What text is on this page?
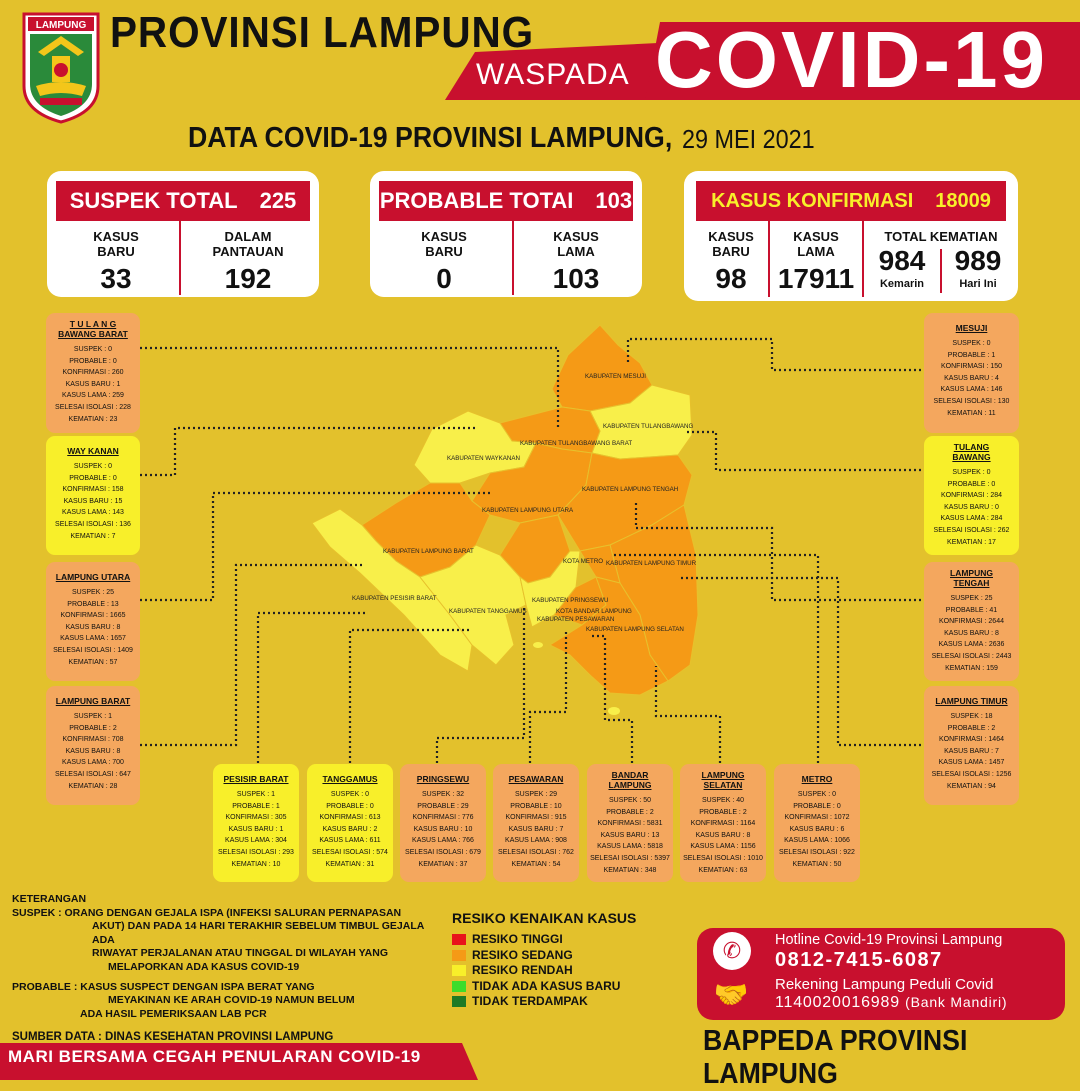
LAMPUNG PROVINSI LAMPUNG
WASPADA COVID-19
DATA COVID-19 PROVINSI LAMPUNG, 29 MEI 2021
SUSPEK TOTAL 225
KASUS
BARU
33
DALAM
PANTAUAN
192
PROBABLE TOTAI 103
KASUS
BARU
0
KASUS
LAMA
103
KASUS KONFIRMASI 18009
KASUS
BARU
98
KASUS
LAMA
17911
TOTAL KEMATIAN
984
Kemarin
989
Hari Ini
KABUPATEN MESUJI
KABUPATEN TULANGBAWANG
KABUPATEN TULANGBAWANG BARAT
KABUPATEN WAYKANAN
KABUPATEN LAMPUNG TENGAH
KABUPATEN LAMPUNG UTARA
KABUPATEN LAMPUNG BARAT
KOTA METRO KABUPATEN LAMPUNG TIMUR
KABUPATEN PESISIR BARAT	KABUPATEN PRINGSEWU
KABUPATEN TANGGAMUS	KOTA BANDAR LAMPUNG
KABUPATEN PESAWARAN
KABUPATEN LAMPUNG SELATAN
T U L A N G
BAWANG BARAT
SUSPEK : 0
PROBABLE : 0
KONFIRMASI : 260
KASUS BARU : 1
KASUS LAMA : 259
SELESAI ISOLASI : 228
KEMATIAN : 23
WAY KANAN
SUSPEK : 0
PROBABLE : 0
KONFIRMASI : 158
KASUS BARU : 15
KASUS LAMA : 143
SELESAI ISOLASI : 136
KEMATIAN : 7
LAMPUNG UTARA
SUSPEK : 25
PROBABLE : 13
KONFIRMASI : 1665
KASUS BARU : 8
KASUS LAMA : 1657
SELESAI ISOLASI : 1409
KEMATIAN : 57
LAMPUNG BARAT
SUSPEK : 1
PROBABLE : 2
KONFIRMASI : 708
KASUS BARU : 8
KASUS LAMA : 700
SELESAI ISOLASI : 647
KEMATIAN : 28
MESUJI
SUSPEK : 0
PROBABLE : 1
KONFIRMASI : 150
KASUS BARU : 4
KASUS LAMA : 146
SELESAI ISOLASI : 130
KEMATIAN : 11
TULANG
BAWANG
SUSPEK : 0
PROBABLE : 0
KONFIRMASI : 284
KASUS BARU : 0
KASUS LAMA : 284
SELESAI ISOLASI : 262
KEMATIAN : 17
LAMPUNG
TENGAH
SUSPEK : 25
PROBABLE : 41
KONFIRMASI : 2644
KASUS BARU : 8
KASUS LAMA : 2636
SELESAI ISOLASI : 2443
KEMATIAN : 159
LAMPUNG TIMUR
SUSPEK : 18
PROBABLE : 2
KONFIRMASI : 1464
KASUS BARU : 7
KASUS LAMA : 1457
SELESAI ISOLASI : 1256
KEMATIAN : 94
PESISIR BARAT
SUSPEK : 1
PROBABLE : 1
KONFIRMASI : 305
KASUS BARU : 1
KASUS LAMA : 304
SELESAI ISOLASI : 293
KEMATIAN : 10
TANGGAMUS
SUSPEK : 0
PROBABLE : 0
KONFIRMASI : 613
KASUS BARU : 2
KASUS LAMA : 611
SELESAI ISOLASI : 574
KEMATIAN : 31
PRINGSEWU
SUSPEK : 32
PROBABLE : 29
KONFIRMASI : 776
KASUS BARU : 10
KASUS LAMA : 766
SELESAI ISOLASI : 679
KEMATIAN : 37
PESAWARAN
SUSPEK : 29
PROBABLE : 10
KONFIRMASI : 915
KASUS BARU : 7
KASUS LAMA : 908
SELESAI ISOLASI : 762
KEMATIAN : 54
BANDAR
LAMPUNG
SUSPEK : 50
PROBABLE : 2
KONFIRMASI : 5831
KASUS BARU : 13
KASUS LAMA : 5818
SELESAI ISOLASI : 5397
KEMATIAN : 348
LAMPUNG
SELATAN
SUSPEK : 40
PROBABLE : 2
KONFIRMASI : 1164
KASUS BARU : 8
KASUS LAMA : 1156
SELESAI ISOLASI : 1010
KEMATIAN : 63
METRO
SUSPEK : 0
PROBABLE : 0
KONFIRMASI : 1072
KASUS BARU : 6
KASUS LAMA : 1066
SELESAI ISOLASI : 922
KEMATIAN : 50
KETERANGAN
SUSPEK : ORANG DENGAN GEJALA ISPA (INFEKSI SALURAN PERNAPASAN
AKUT) DAN PADA 14 HARI TERAKHIR SEBELUM TIMBUL GEJALA ADA
RIWAYAT PERJALANAN ATAU TINGGAL DI WILAYAH YANG
MELAPORKAN ADA KASUS COVID-19
PROBABLE : KASUS SUSPECT DENGAN ISPA BERAT YANG
MEYAKINAN KE ARAH COVID-19 NAMUN BELUM
ADA HASIL PEMERIKSAAN LAB PCR
SUMBER DATA : DINAS KESEHATAN PROVINSI LAMPUNG
RESIKO KENAIKAN KASUS
RESIKO TINGGI
RESIKO SEDANG
RESIKO RENDAH
TIDAK ADA KASUS BARU
TIDAK TERDAMPAK
✆
🤝
Hotline Covid-19 Provinsi Lampung
0812-7415-6087
Rekening Lampung Peduli Covid
1140020016989 (Bank Mandiri)
BAPPEDA PROVINSI LAMPUNG
MARI BERSAMA CEGAH PENULARAN COVID-19
